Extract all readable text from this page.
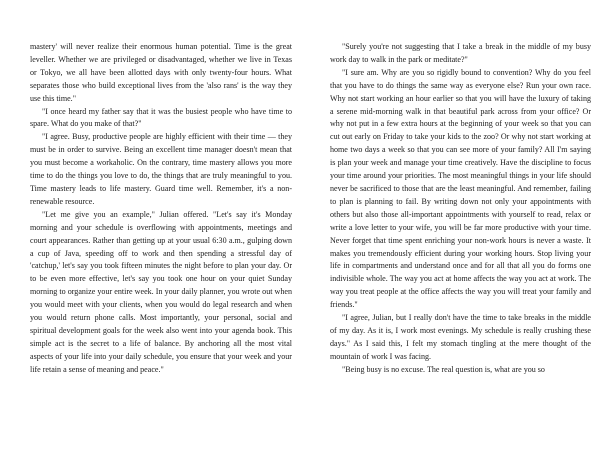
mastery' will never realize their enormous human potential. Time is the great leveller. Whether we are privileged or disadvantaged, whether we live in Texas or Tokyo, we all have been allotted days with only twenty-four hours. What separates those who build exceptional lives from the 'also rans' is the way they use this time."

"I once heard my father say that it was the busiest people who have time to spare. What do you make of that?"

"I agree. Busy, productive people are highly efficient with their time — they must be in order to survive. Being an excellent time manager doesn't mean that you must become a workaholic. On the contrary, time mastery allows you more time to do the things you love to do, the things that are truly meaningful to you. Time mastery leads to life mastery. Guard time well. Remember, it's a non-renewable resource.

"Let me give you an example," Julian offered. "Let's say it's Monday morning and your schedule is overflowing with appointments, meetings and court appearances. Rather than getting up at your usual 6:30 a.m., gulping down a cup of Java, speeding off to work and then spending a stressful day of 'catchup,' let's say you took fifteen minutes the night before to plan your day. Or to be even more effective, let's say you took one hour on your quiet Sunday morning to organize your entire week. In your daily planner, you wrote out when you would meet with your clients, when you would do legal research and when you would return phone calls. Most importantly, your personal, social and spiritual development goals for the week also went into your agenda book. This simple act is the secret to a life of balance. By anchoring all the most vital aspects of your life into your daily schedule, you ensure that your week and your life retain a sense of meaning and peace."

"Surely you're not suggesting that I take a break in the middle of my busy work day to walk in the park or meditate?"

"I sure am. Why are you so rigidly bound to convention? Why do you feel that you have to do things the same way as everyone else? Run your own race. Why not start working an hour earlier so that you will have the luxury of taking a serene mid-morning walk in that beautiful park across from your office? Or why not put in a few extra hours at the beginning of your week so that you can cut out early on Friday to take your kids to the zoo? Or why not start working at home two days a week so that you can see more of your family? All I'm saying is plan your week and manage your time creatively. Have the discipline to focus your time around your priorities. The most meaningful things in your life should never be sacrificed to those that are the least meaningful. And remember, failing to plan is planning to fail. By writing down not only your appointments with others but also those all-important appointments with yourself to read, relax or write a love letter to your wife, you will be far more productive with your time. Never forget that time spent enriching your non-work hours is never a waste. It makes you tremendously efficient during your working hours. Stop living your life in compartments and understand once and for all that all you do forms one indivisible whole. The way you act at home affects the way you act at work. The way you treat people at the office affects the way you will treat your family and friends."

"I agree, Julian, but I really don't have the time to take breaks in the middle of my day. As it is, I work most evenings. My schedule is really crushing these days." As I said this, I felt my stomach tingling at the mere thought of the mountain of work I was facing.

"Being busy is no excuse. The real question is, what are you so
